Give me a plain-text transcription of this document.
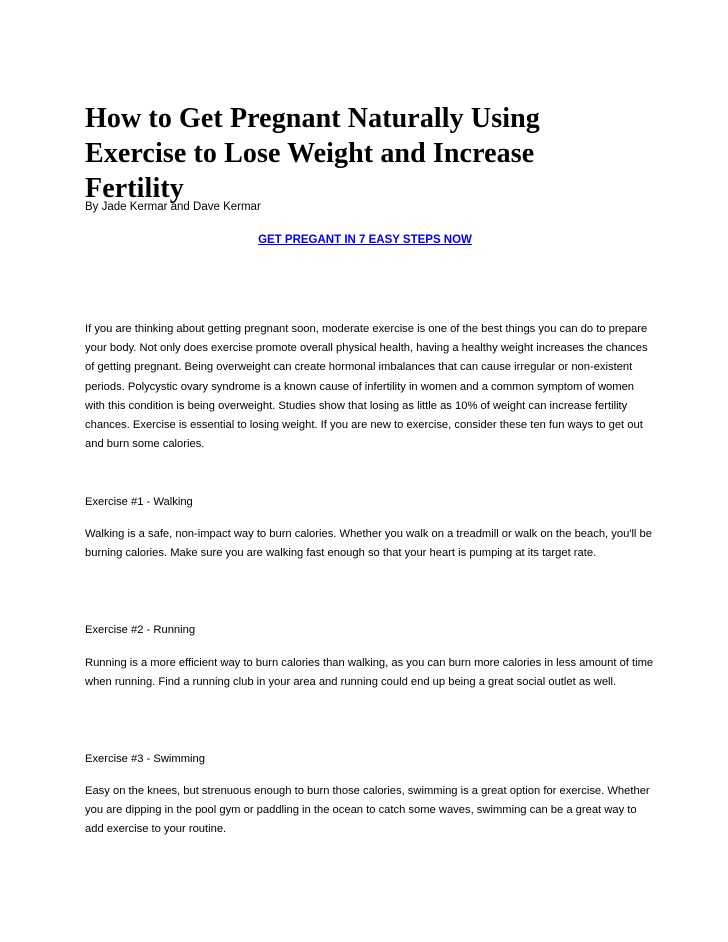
How to Get Pregnant Naturally Using Exercise to Lose Weight and Increase Fertility

By Jade Kermar and Dave Kermar

GET PREGANT IN 7 EASY STEPS NOW

If you are thinking about getting pregnant soon, moderate exercise is one of the best things you can do to prepare your body. Not only does exercise promote overall physical health, having a healthy weight increases the chances of getting pregnant. Being overweight can create hormonal imbalances that can cause irregular or non-existent periods. Polycystic ovary syndrome is a known cause of infertility in women and a common symptom of women with this condition is being overweight. Studies show that losing as little as 10% of weight can increase fertility chances. Exercise is essential to losing weight. If you are new to exercise, consider these ten fun ways to get out and burn some calories.

Exercise #1 - Walking

Walking is a safe, non-impact way to burn calories. Whether you walk on a treadmill or walk on the beach, you'll be burning calories. Make sure you are walking fast enough so that your heart is pumping at its target rate.

Exercise #2 - Running

Running is a more efficient way to burn calories than walking, as you can burn more calories in less amount of time when running. Find a running club in your area and running could end up being a great social outlet as well.

Exercise #3 - Swimming

Easy on the knees, but strenuous enough to burn those calories, swimming is a great option for exercise. Whether you are dipping in the pool gym or paddling in the ocean to catch some waves, swimming can be a great way to add exercise to your routine.
